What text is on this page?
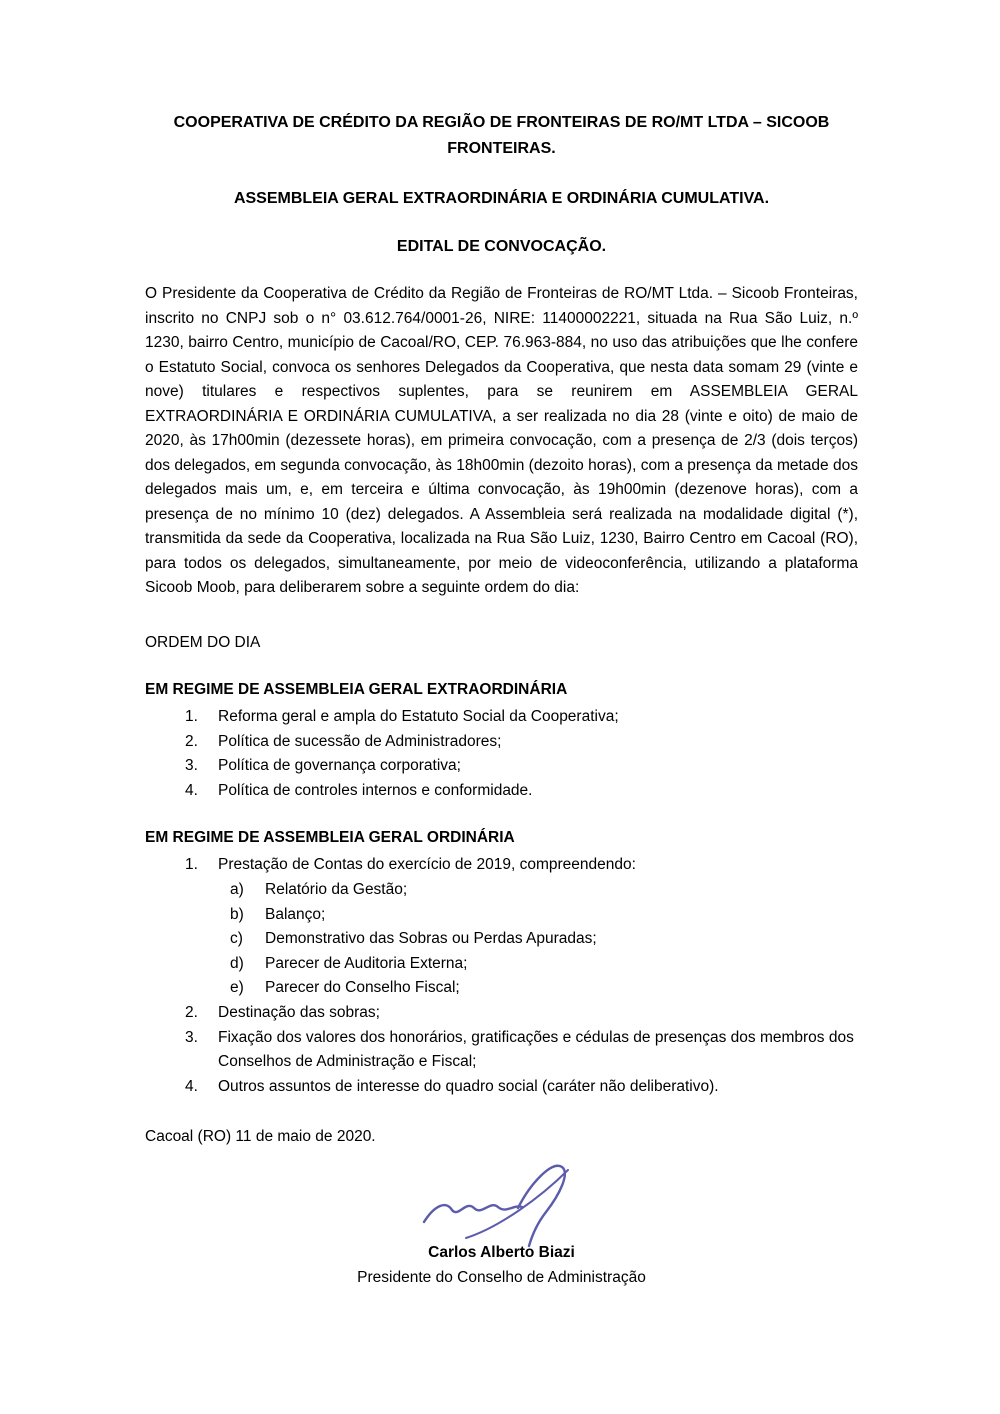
COOPERATIVA DE CRÉDITO DA REGIÃO DE FRONTEIRAS DE RO/MT LTDA – SICOOB FRONTEIRAS.
ASSEMBLEIA GERAL EXTRAORDINÁRIA E ORDINÁRIA CUMULATIVA.
EDITAL DE CONVOCAÇÃO.

O Presidente da Cooperativa de Crédito da Região de Fronteiras de RO/MT Ltda. – Sicoob Fronteiras, inscrito no CNPJ sob o n° 03.612.764/0001-26, NIRE: 11400002221, situada na Rua São Luiz, n.º 1230, bairro Centro, município de Cacoal/RO, CEP. 76.963-884, no uso das atribuições que lhe confere o Estatuto Social, convoca os senhores Delegados da Cooperativa, que nesta data somam 29 (vinte e nove) titulares e respectivos suplentes, para se reunirem em ASSEMBLEIA GERAL EXTRAORDINÁRIA E ORDINÁRIA CUMULATIVA, a ser realizada no dia 28 (vinte e oito) de maio de 2020, às 17h00min (dezessete horas), em primeira convocação, com a presença de 2/3 (dois terços) dos delegados, em segunda convocação, às 18h00min (dezoito horas), com a presença da metade dos delegados mais um, e, em terceira e última convocação, às 19h00min (dezenove horas), com a presença de no mínimo 10 (dez) delegados. A Assembleia será realizada na modalidade digital (*), transmitida da sede da Cooperativa, localizada na Rua São Luiz, 1230, Bairro Centro em Cacoal (RO), para todos os delegados, simultaneamente, por meio de videoconferência, utilizando a plataforma Sicoob Moob, para deliberarem sobre a seguinte ordem do dia:

ORDEM DO DIA

EM REGIME DE ASSEMBLEIA GERAL EXTRAORDINÁRIA
1.	Reforma geral e ampla do Estatuto Social da Cooperativa;
2.	Política de sucessão de Administradores;
3.	Política de governança corporativa;
4.	Política de controles internos e conformidade.
EM REGIME DE ASSEMBLEIA GERAL ORDINÁRIA
1.	Prestação de Contas do exercício de 2019, compreendendo:
a)	Relatório da Gestão;
b)	Balanço;
c)	Demonstrativo das Sobras ou Perdas Apuradas;
d)	Parecer de Auditoria Externa;
e)	Parecer do Conselho Fiscal;
2.	Destinação das sobras;
3.	Fixação dos valores dos honorários, gratificações e cédulas de presenças dos membros dos Conselhos de Administração e Fiscal;
4.	Outros assuntos de interesse do quadro social (caráter não deliberativo).

Cacoal (RO) 11 de maio de 2020.

Carlos Alberto Biazi
Presidente do Conselho de Administração
